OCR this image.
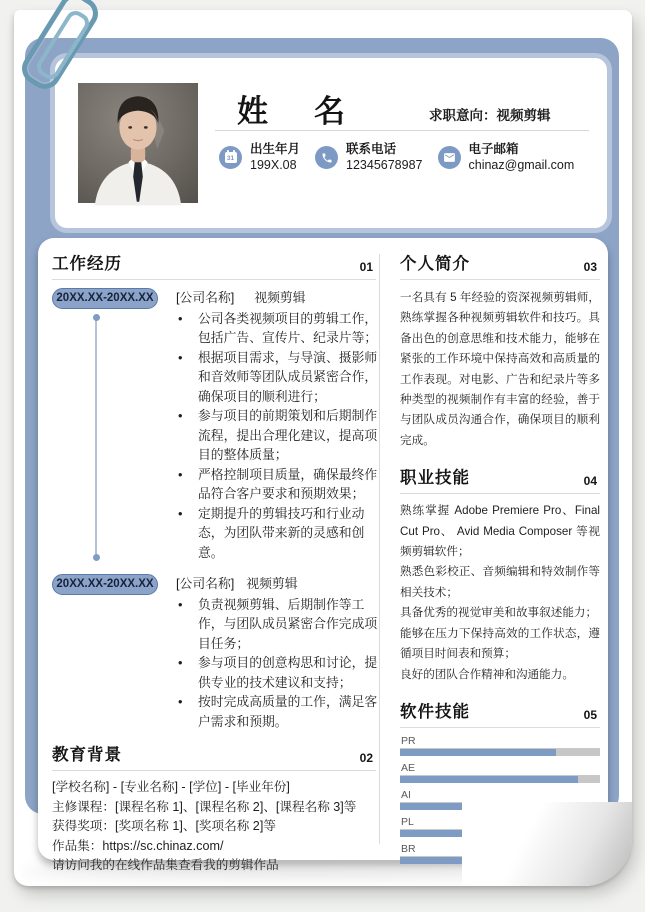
姓 名	求职意向：视频剪辑
31
出生年月
199X.08
联系电话
12345678987
电子邮箱
chinaz@gmail.com
工作经历	01
20XX.XX-20XX.XX	[公司名称] 视频剪辑
• 公司各类视频项目的剪辑工作，包括广告、宣传片、纪录片等；
• 根据项目需求，与导演、摄影师和音效师等团队成员紧密合作，确保项目的顺利进行；
• 参与项目的前期策划和后期制作流程，提出合理化建议，提高项目的整体质量；
• 严格控制项目质量，确保最终作品符合客户要求和预期效果；
• 定期提升的剪辑技巧和行业动态，为团队带来新的灵感和创意。
20XX.XX-20XX.XX	[公司名称] 视频剪辑
• 负责视频剪辑、后期制作等工作，与团队成员紧密合作完成项目任务；
• 参与项目的创意构思和讨论，提供专业的技术建议和支持；
• 按时完成高质量的工作，满足客户需求和预期。
教育背景	02
[学校名称] - [专业名称] - [学位] - [毕业年份]
主修课程：[课程名称 1]、[课程名称 2]、[课程名称 3]等
获得奖项：[奖项名称 1]、[奖项名称 2]等
作品集：https://sc.chinaz.com/
请访问我的在线作品集查看我的剪辑作品
个人简介	03
一名具有 5 年经验的资深视频剪辑师，熟练掌握各种视频剪辑软件和技巧。具备出色的创意思维和技术能力，能够在紧张的工作环境中保持高效和高质量的工作表现。对电影、广告和纪录片等多种类型的视频制作有丰富的经验，善于与团队成员沟通合作，确保项目的顺利完成。
职业技能	04
熟练掌握 Adobe Premiere Pro、Final Cut Pro、 Avid Media Composer 等视频剪辑软件；
熟悉色彩校正、音频编辑和特效制作等相关技术；
具备优秀的视觉审美和故事叙述能力；
能够在压力下保持高效的工作状态，遵循项目时间表和预算；
良好的团队合作精神和沟通能力。
软件技能	05
PR
AE
AI
PL
BR
